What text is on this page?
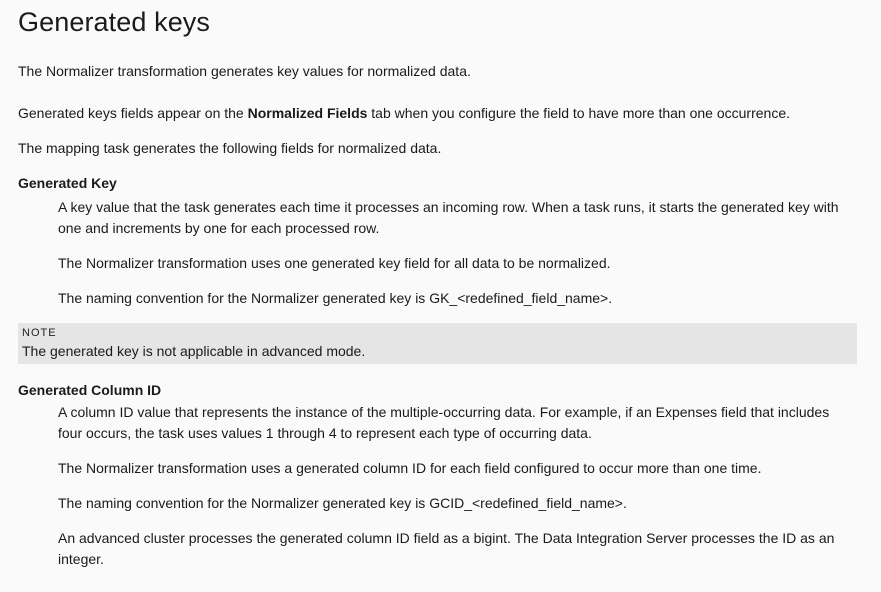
Generated keys

The Normalizer transformation generates key values for normalized data.

Generated keys fields appear on the Normalized Fields tab when you configure the field to have more than one occurrence.

The mapping task generates the following fields for normalized data.

Generated Key

A key value that the task generates each time it processes an incoming row. When a task runs, it starts the generated key with one and increments by one for each processed row.

The Normalizer transformation uses one generated key field for all data to be normalized.

The naming convention for the Normalizer generated key is GK_<redefined_field_name>.

NOTE
The generated key is not applicable in advanced mode.
Generated Column ID

A column ID value that represents the instance of the multiple-occurring data. For example, if an Expenses field that includes four occurs, the task uses values 1 through 4 to represent each type of occurring data.

The Normalizer transformation uses a generated column ID for each field configured to occur more than one time.

The naming convention for the Normalizer generated key is GCID_<redefined_field_name>.

An advanced cluster processes the generated column ID field as a bigint. The Data Integration Server processes the ID as an integer.
